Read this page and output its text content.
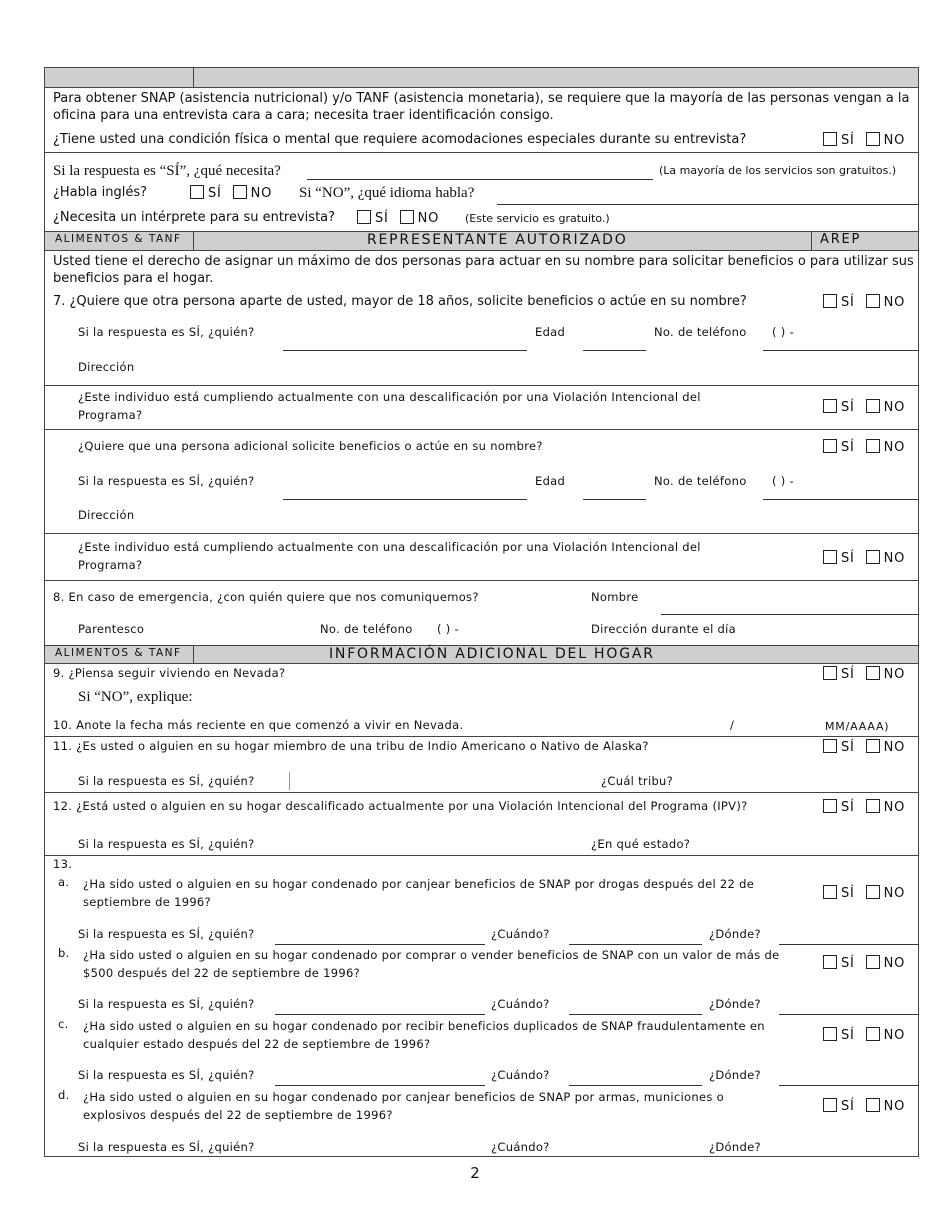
Para obtener SNAP (asistencia nutricional) y/o TANF (asistencia monetaria), se requiere que la mayoría de las personas vengan a la oficina para una entrevista cara a cara; necesita traer identificación consigo.
¿Tiene usted una condición física o mental que requiere acomodaciones especiales durante su entrevista?	SÍ NO
Si la respuesta es “SÍ”, ¿qué necesita?	(La mayoría de los servicios son gratuitos.)
¿Habla inglés?	SÍ NO Si “NO”, ¿qué idioma habla?
¿Necesita un intérprete para su entrevista?	SÍ NO (Este servicio es gratuito.)
ALIMENTOS & TANF	REPRESENTANTE AUTORIZADO	AREP
Usted tiene el derecho de asignar un máximo de dos personas para actuar en su nombre para solicitar beneficios o para utilizar sus beneficios para el hogar.
7. ¿Quiere que otra persona aparte de usted, mayor de 18 años, solicite beneficios o actúe en su nombre?	SÍ NO
Si la respuesta es SÍ, ¿quién?	Edad	No. de teléfono ( ) -
Dirección
¿Este individuo está cumpliendo actualmente con una descalificación por una Violación Intencional del Programa?	SÍ NO
¿Quiere que una persona adicional solicite beneficios o actúe en su nombre?	SÍ NO
Si la respuesta es SÍ, ¿quién?	Edad	No. de teléfono ( ) -
Dirección
¿Este individuo está cumpliendo actualmente con una descalificación por una Violación Intencional del Programa?	SÍ NO
8. En caso de emergencia, ¿con quién quiere que nos comuniquemos?	Nombre
Parentesco	No. de teléfono ( ) -	Dirección durante el día
ALIMENTOS & TANF	INFORMACIÓN ADICIONAL DEL HOGAR
9. ¿Piensa seguir viviendo en Nevada?	SÍ NO
Si “NO”, explique:
10. Anote la fecha más reciente en que comenzó a vivir en Nevada.	/	MM/AAAA)
11. ¿Es usted o alguien en su hogar miembro de una tribu de Indio Americano o Nativo de Alaska?	SÍ NO
Si la respuesta es SÍ, ¿quién?	¿Cuál tribu?
12. ¿Está usted o alguien en su hogar descalificado actualmente por una Violación Intencional del Programa (IPV)?	SÍ NO
Si la respuesta es SÍ, ¿quién?	¿En qué estado?
13.
a. ¿Ha sido usted o alguien en su hogar condenado por canjear beneficios de SNAP por drogas después del 22 de septiembre de 1996?
SÍ NO
Si la respuesta es SÍ, ¿quién?	¿Cuándo?	¿Dónde?
b. ¿Ha sido usted o alguien en su hogar condenado por comprar o vender beneficios de SNAP con un valor de más de $500 después del 22 de septiembre de 1996?
SÍ NO
Si la respuesta es SÍ, ¿quién?	¿Cuándo?	¿Dónde?
c. ¿Ha sido usted o alguien en su hogar condenado por recibir beneficios duplicados de SNAP fraudulentamente en cualquier estado después del 22 de septiembre de 1996?
SÍ NO
Si la respuesta es SÍ, ¿quién?	¿Cuándo?	¿Dónde?
d. ¿Ha sido usted o alguien en su hogar condenado por canjear beneficios de SNAP por armas, municiones o explosivos después del 22 de septiembre de 1996?
SÍ NO
Si la respuesta es SÍ, ¿quién?	¿Cuándo?	¿Dónde?
2
